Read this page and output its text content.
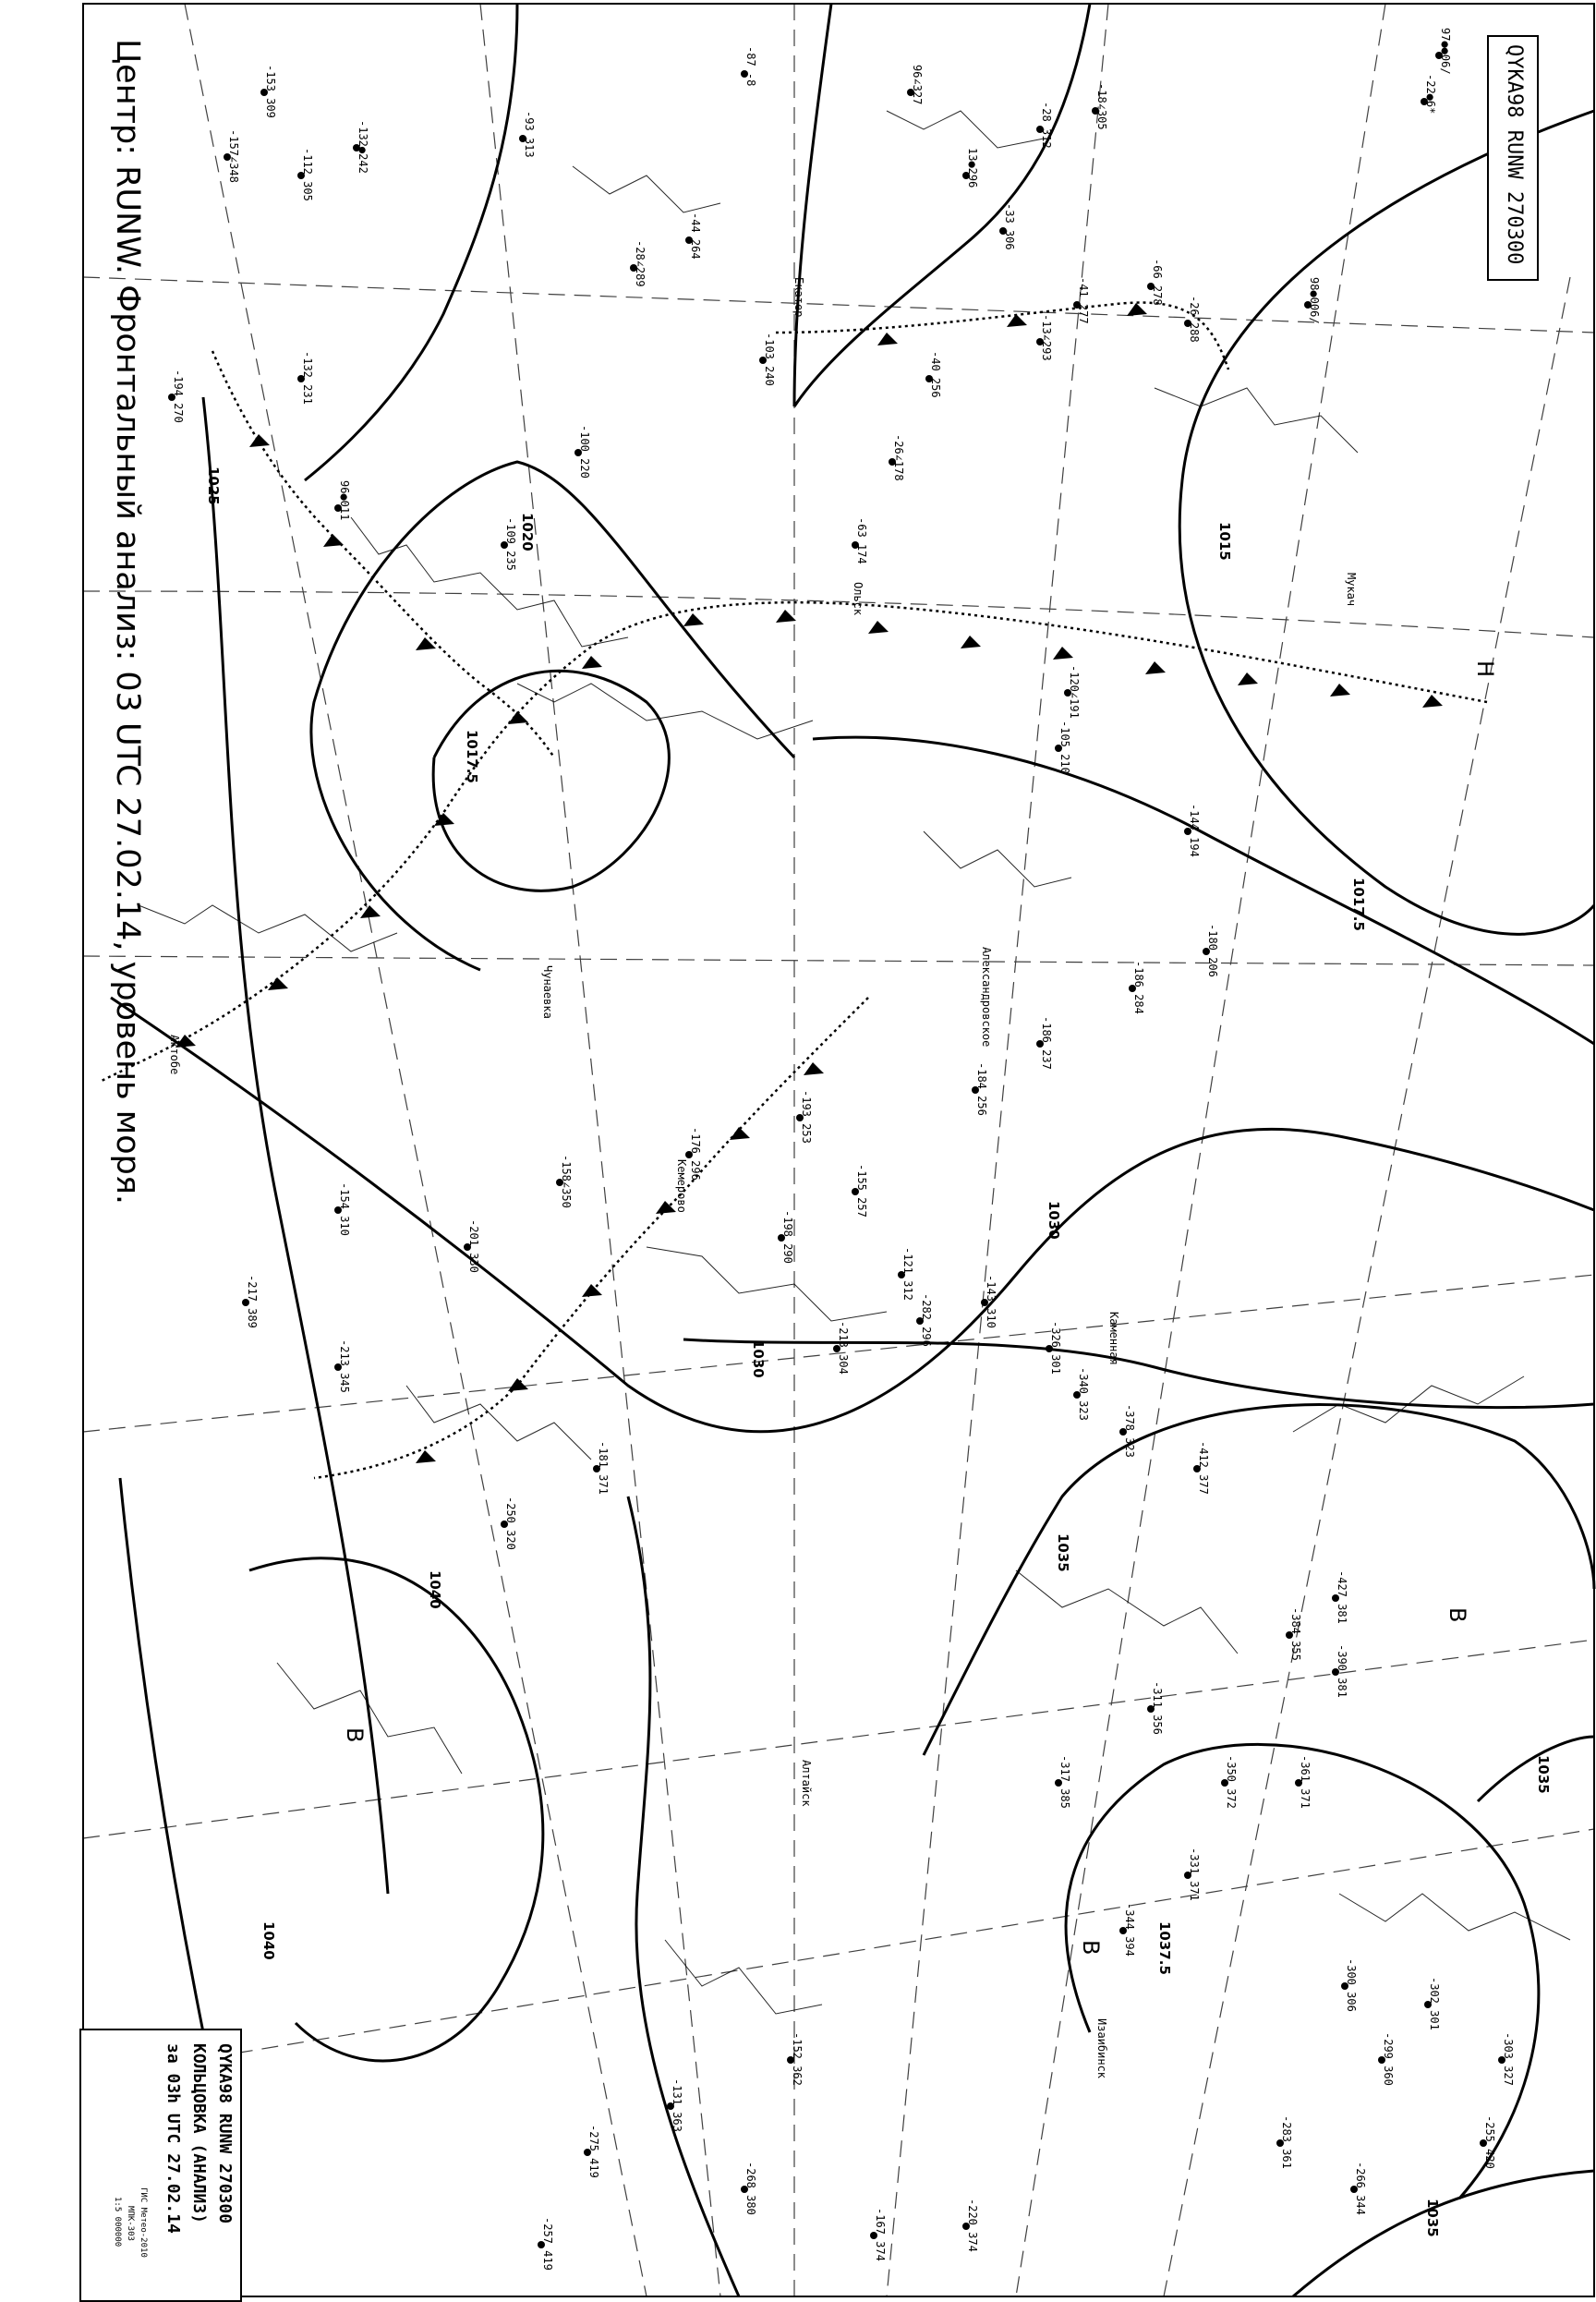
97●●06/
-22●6*
-18∠305
-28 312
13●296
-33 306
96∠327
-87 -8
-153 309
-112 305
-132●242
-157∠348	-93 313
-28∠289
-44 264
98●006/
-26 288
-66 278
-41 277
-13∠293
-40 256
-103 240
-194 270	-132 231
96●011
-100 220
-109 235
-26∠178
-63 174
-120∠191
-105 210
-144 194
-180 206
-186 284
-186 237
-184 256
-193 253
-176 296
-158∠350
-201 330
-154 310
-217 389
-213 345
-155 257
-198 290
-121 312
-143 310
-213 304
-181 371
-250 320
-282 296
-326 301
-340 323
-378 323
-412 377
-427 381
-390 381
-384 355
-350 372	-361 371
-311 356
-317 385
-331 371
-344 394
-300 306
-299 360
-302 301
-303 327
-283 361	-255 420
-266 344
-220 374
-152 362
-131 363
-167 374
-268 380
-275 419
-257 419
1015
1017.5
1020
1017.5
1025
1030
1030
1035
1037.5
1040
1040
1035
1035
Н
В
В
В
Мукач
Екатер
Ольск
Александровское
Чунаевка
Каменная
Изаибинск
Актобе
Кемерово
Алтайск
Центр: RUNW. Фронтальный анализ: 03 UTC 27.02.14, уровень моря.	QYKA98 RUNW 270300
QYKA98 RUNW 270300
КОЛЬЦОВКА (АНАЛИЗ)
за 03h UTC 27.02.14
ГИС Метео-2010
МПК-303
1:5 000000
